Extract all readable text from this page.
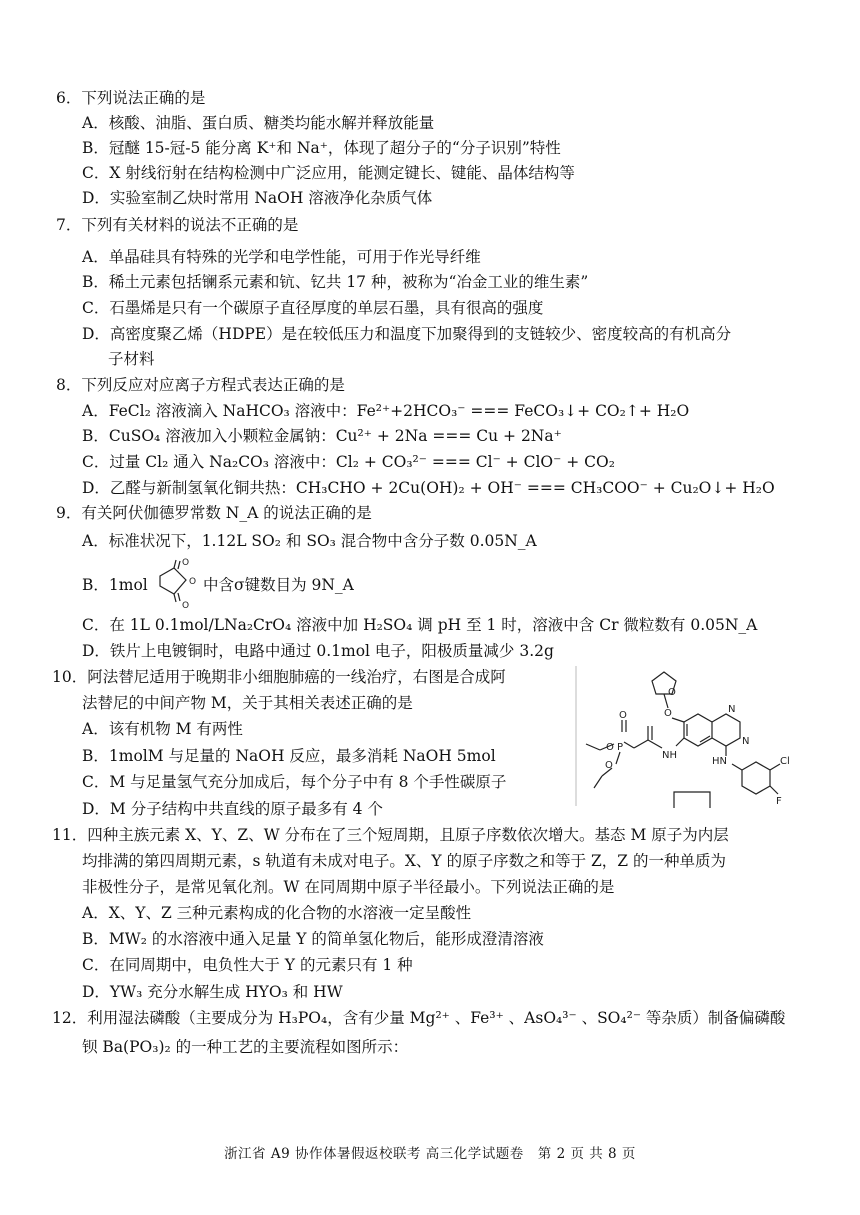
6．下列说法正确的是
A．核酸、油脂、蛋白质、糖类均能水解并释放能量
B．冠醚 15-冠-5 能分离 K⁺和 Na⁺，体现了超分子的“分子识别”特性
C．X 射线衍射在结构检测中广泛应用，能测定键长、键能、晶体结构等
D．实验室制乙炔时常用 NaOH 溶液净化杂质气体
7．下列有关材料的说法不正确的是
A．单晶硅具有特殊的光学和电学性能，可用于作光导纤维
B．稀土元素包括镧系元素和钪、钇共 17 种，被称为“冶金工业的维生素”
C．石墨烯是只有一个碳原子直径厚度的单层石墨，具有很高的强度
D．高密度聚乙烯（HDPE）是在较低压力和温度下加聚得到的支链较少、密度较高的有机高分
子材料
8．下列反应对应离子方程式表达正确的是
A．FeCl₂ 溶液滴入 NaHCO₃ 溶液中：Fe²⁺+2HCO₃⁻ === FeCO₃↓+ CO₂↑+ H₂O
B．CuSO₄ 溶液加入小颗粒金属钠：Cu²⁺ + 2Na === Cu + 2Na⁺
C．过量 Cl₂ 通入 Na₂CO₃ 溶液中：Cl₂ + CO₃²⁻ === Cl⁻ + ClO⁻ + CO₂
D．乙醛与新制氢氧化铜共热：CH₃CHO + 2Cu(OH)₂ + OH⁻ === CH₃COO⁻ + Cu₂O↓+ H₂O
9．有关阿伏伽德罗常数 N_A 的说法正确的是
A．标准状况下，1.12L SO₂ 和 SO₃ 混合物中含分子数 0.05N_A
B．1mol
O
O
O
中含σ键数目为 9N_A
C．在 1L 0.1mol/LNa₂CrO₄ 溶液中加 H₂SO₄ 调 pH 至 1 时，溶液中含 Cr 微粒数有 0.05N_A
D．铁片上电镀铜时，电路中通过 0.1mol 电子，阳极质量减少 3.2g
10．阿法替尼适用于晚期非小细胞肺癌的一线治疗，右图是合成阿
法替尼的中间产物 M，关于其相关表述正确的是
A．该有机物 M 有两性
B．1molM 与足量的 NaOH 反应，最多消耗 NaOH 5mol
C．M 与足量氢气充分加成后，每个分子中有 8 个手性碳原子
D．M 分子结构中共直线的原子最多有 4 个
O
O
O
P
O
O
NH
N
N
HN	Cl
F
11．四种主族元素 X、Y、Z、W 分布在了三个短周期，且原子序数依次增大。基态 M 原子为内层
均排满的第四周期元素，s 轨道有未成对电子。X、Y 的原子序数之和等于 Z，Z 的一种单质为
非极性分子，是常见氧化剂。W 在同周期中原子半径最小。下列说法正确的是
A．X、Y、Z 三种元素构成的化合物的水溶液一定呈酸性
B．MW₂ 的水溶液中通入足量 Y 的简单氢化物后，能形成澄清溶液
C．在同周期中，电负性大于 Y 的元素只有 1 种
D．YW₃ 充分水解生成 HYO₃ 和 HW
12．利用湿法磷酸（主要成分为 H₃PO₄，含有少量 Mg²⁺ 、Fe³⁺ 、AsO₄³⁻ 、SO₄²⁻ 等杂质）制备偏磷酸
钡 Ba(PO₃)₂ 的一种工艺的主要流程如图所示：
浙江省 A9 协作体暑假返校联考 高三化学试题卷　第 2 页 共 8 页
